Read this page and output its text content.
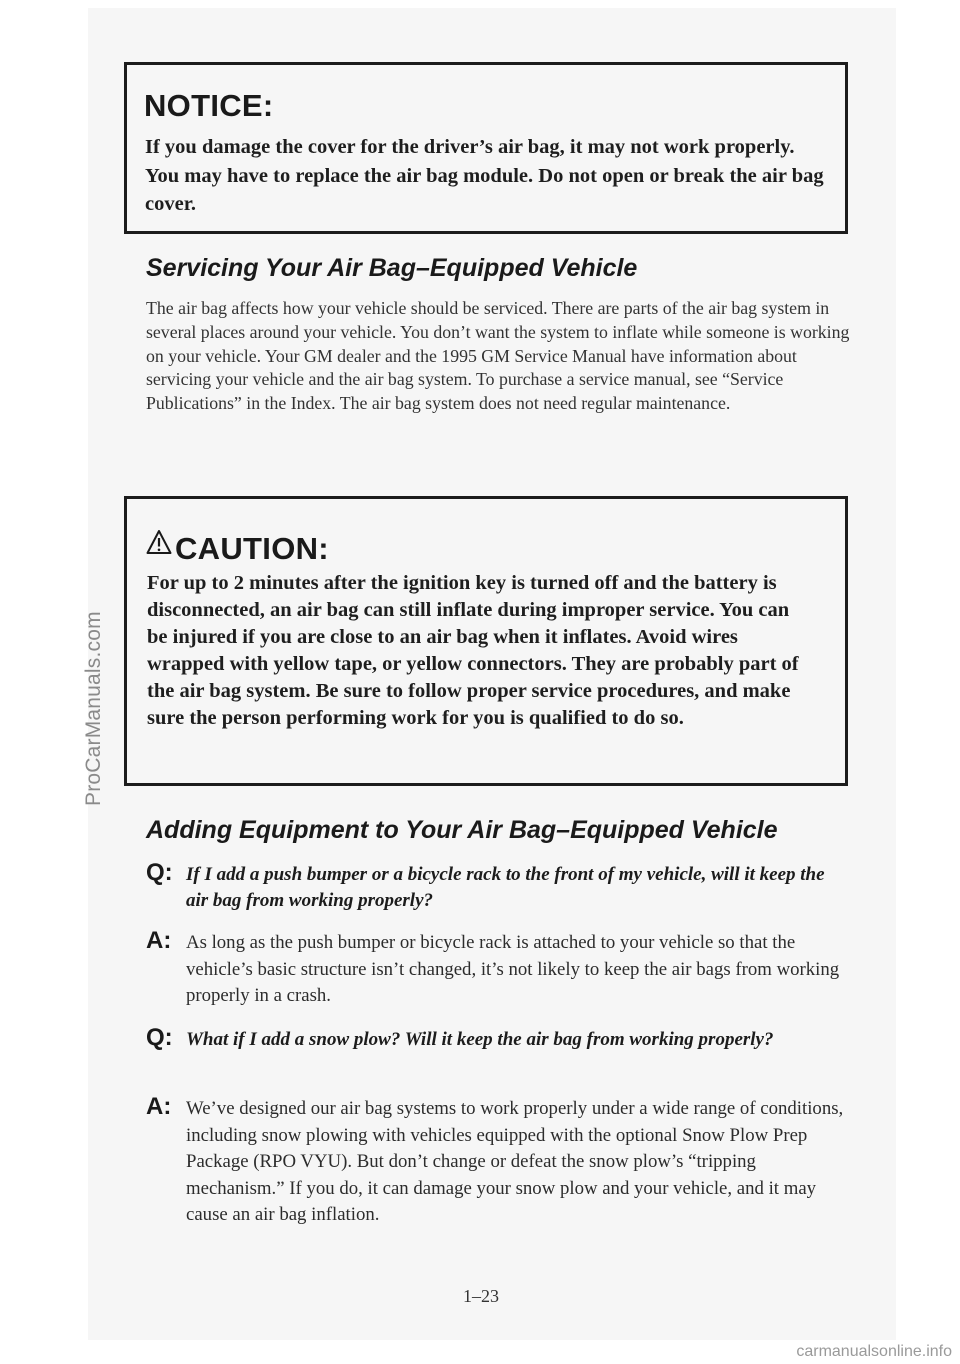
ProCarManuals.com
NOTICE:
If you damage the cover for the driver’s air bag, it may not work properly. You may have to replace the air bag module. Do not open or break the air bag cover.
Servicing Your Air Bag–Equipped Vehicle
The air bag affects how your vehicle should be serviced. There are parts of the air bag system in several places around your vehicle. You don’t want the system to inflate while someone is working on your vehicle. Your GM dealer and the 1995 GM Service Manual have information about servicing your vehicle and the air bag system. To purchase a service manual, see “Service Publications” in the Index. The air bag system does not need regular maintenance.
CAUTION:
For up to 2 minutes after the ignition key is turned off and the battery is disconnected, an air bag can still inflate during improper service. You can be injured if you are close to an air bag when it inflates. Avoid wires wrapped with yellow tape, or yellow connectors. They are probably part of the air bag system. Be sure to follow proper service procedures, and make sure the person performing work for you is qualified to do so.
Adding Equipment to Your Air Bag–Equipped Vehicle
Q: If I add a push bumper or a bicycle rack to the front of my vehicle, will it keep the air bag from working properly?
A: As long as the push bumper or bicycle rack is attached to your vehicle so that the vehicle’s basic structure isn’t changed, it’s not likely to keep the air bags from working properly in a crash.
Q: What if I add a snow plow? Will it keep the air bag from working properly?
A: We’ve designed our air bag systems to work properly under a wide range of conditions, including snow plowing with vehicles equipped with the optional Snow Plow Prep Package (RPO VYU). But don’t change or defeat the snow plow’s “tripping mechanism.” If you do, it can damage your snow plow and your vehicle, and it may cause an air bag inflation.
1–23
carmanualsonline.info
